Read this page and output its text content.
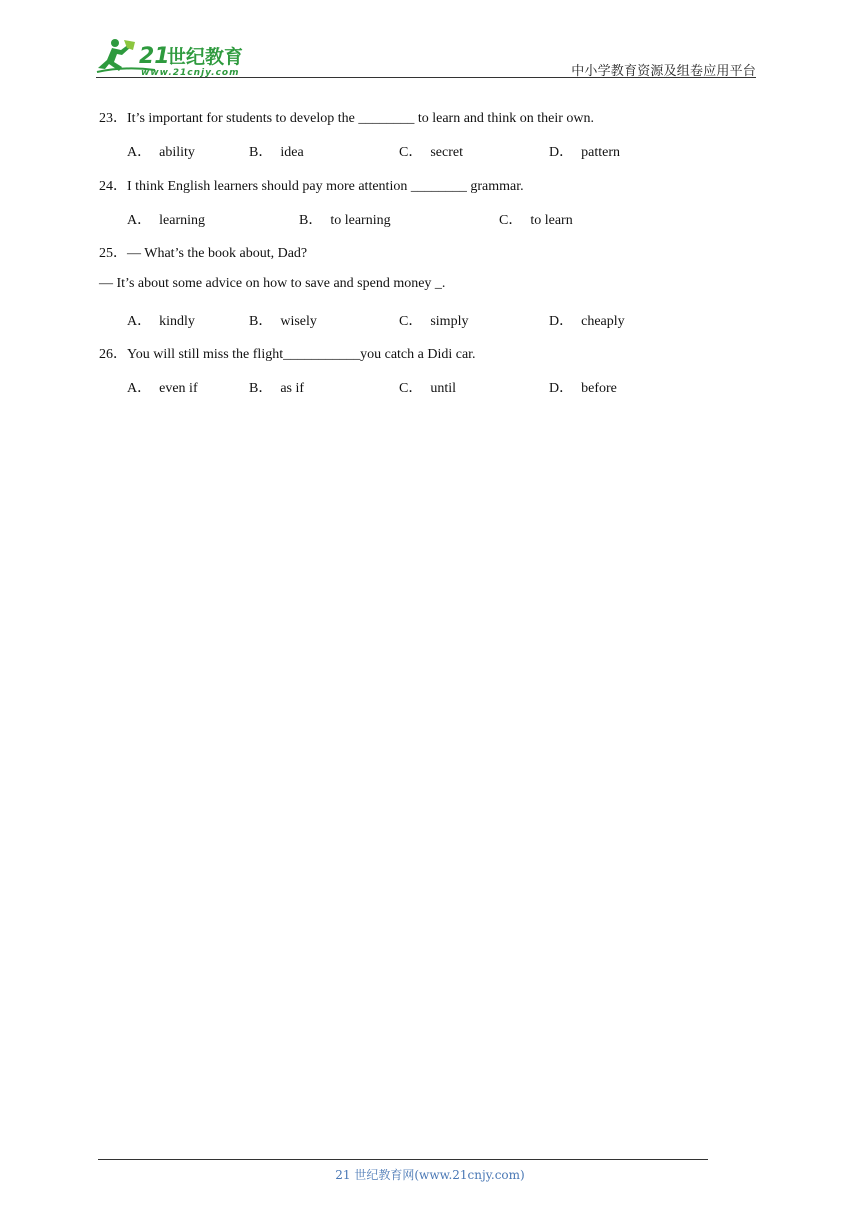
21
世纪教育
www.21cnjy.com	中小学教育资源及组卷应用平台
23．It’s important for students to develop the ________ to learn and think on their own.
A． ability	B． idea	C． secret	D． pattern
24．I think English learners should pay more attention ________ grammar.
A． learning	B． to learning	C． to learn
25．— What’s the book about, Dad?
— It’s about some advice on how to save and spend money _.
A． kindly	B． wisely	C． simply	D． cheaply
26．You will still miss the flight___________you catch a Didi car.
A． even if	B． as if	C． until	D． before
21 世纪教育网(www.21cnjy.com)
